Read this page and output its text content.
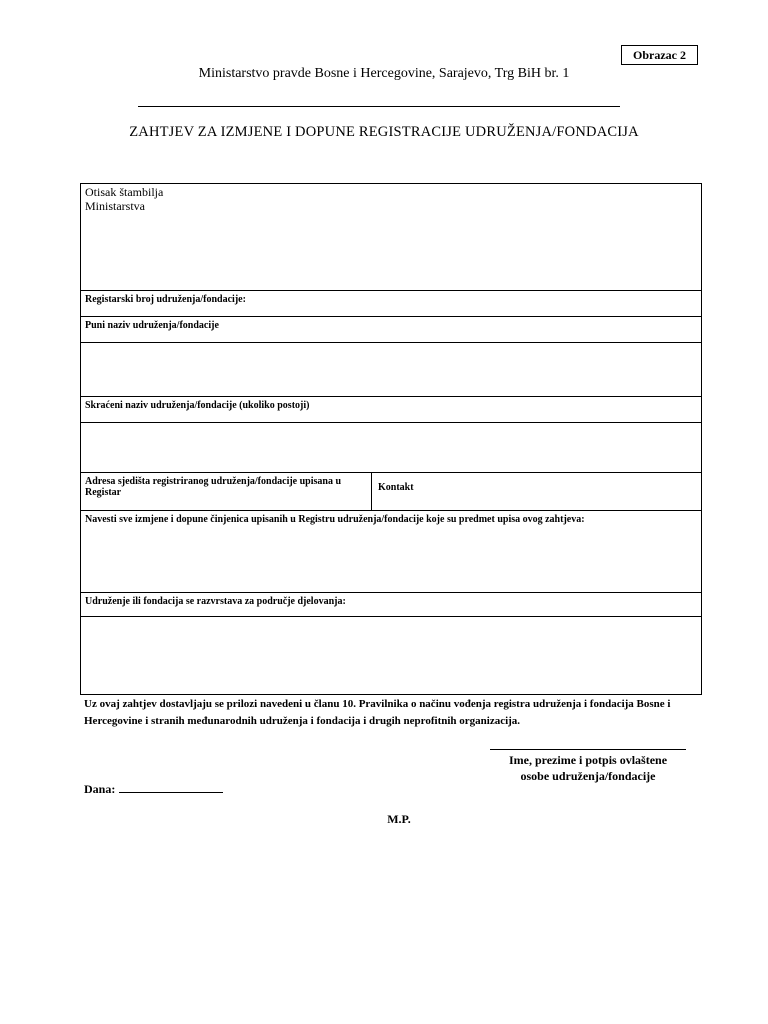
Obrazac 2
Ministarstvo pravde Bosne i Hercegovine, Sarajevo, Trg BiH br. 1
ZAHTJEV ZA IZMJENE I DOPUNE REGISTRACIJE UDRUŽENJA/FONDACIJA
Otisak štambilja
Ministarstva
Registarski broj udruženja/fondacije:
Puni naziv udruženja/fondacije
Skraćeni naziv udruženja/fondacije (ukoliko postoji)
Adresa sjedišta registriranog udruženja/fondacije upisana u Registar	Kontakt
Navesti sve izmjene i dopune činjenica upisanih u Registru udruženja/fondacije koje su predmet upisa ovog zahtjeva:
Udruženje ili fondacija se razvrstava za područje djelovanja:
Uz ovaj zahtjev dostavljaju se prilozi navedeni u članu 10. Pravilnika o načinu vođenja registra udruženja i fondacija Bosne i Hercegovine i stranih međunarodnih udruženja i fondacija i drugih neprofitnih organizacija.
Ime, prezime i potpis ovlaštene
osobe udruženja/fondacije
Dana:
M.P.
